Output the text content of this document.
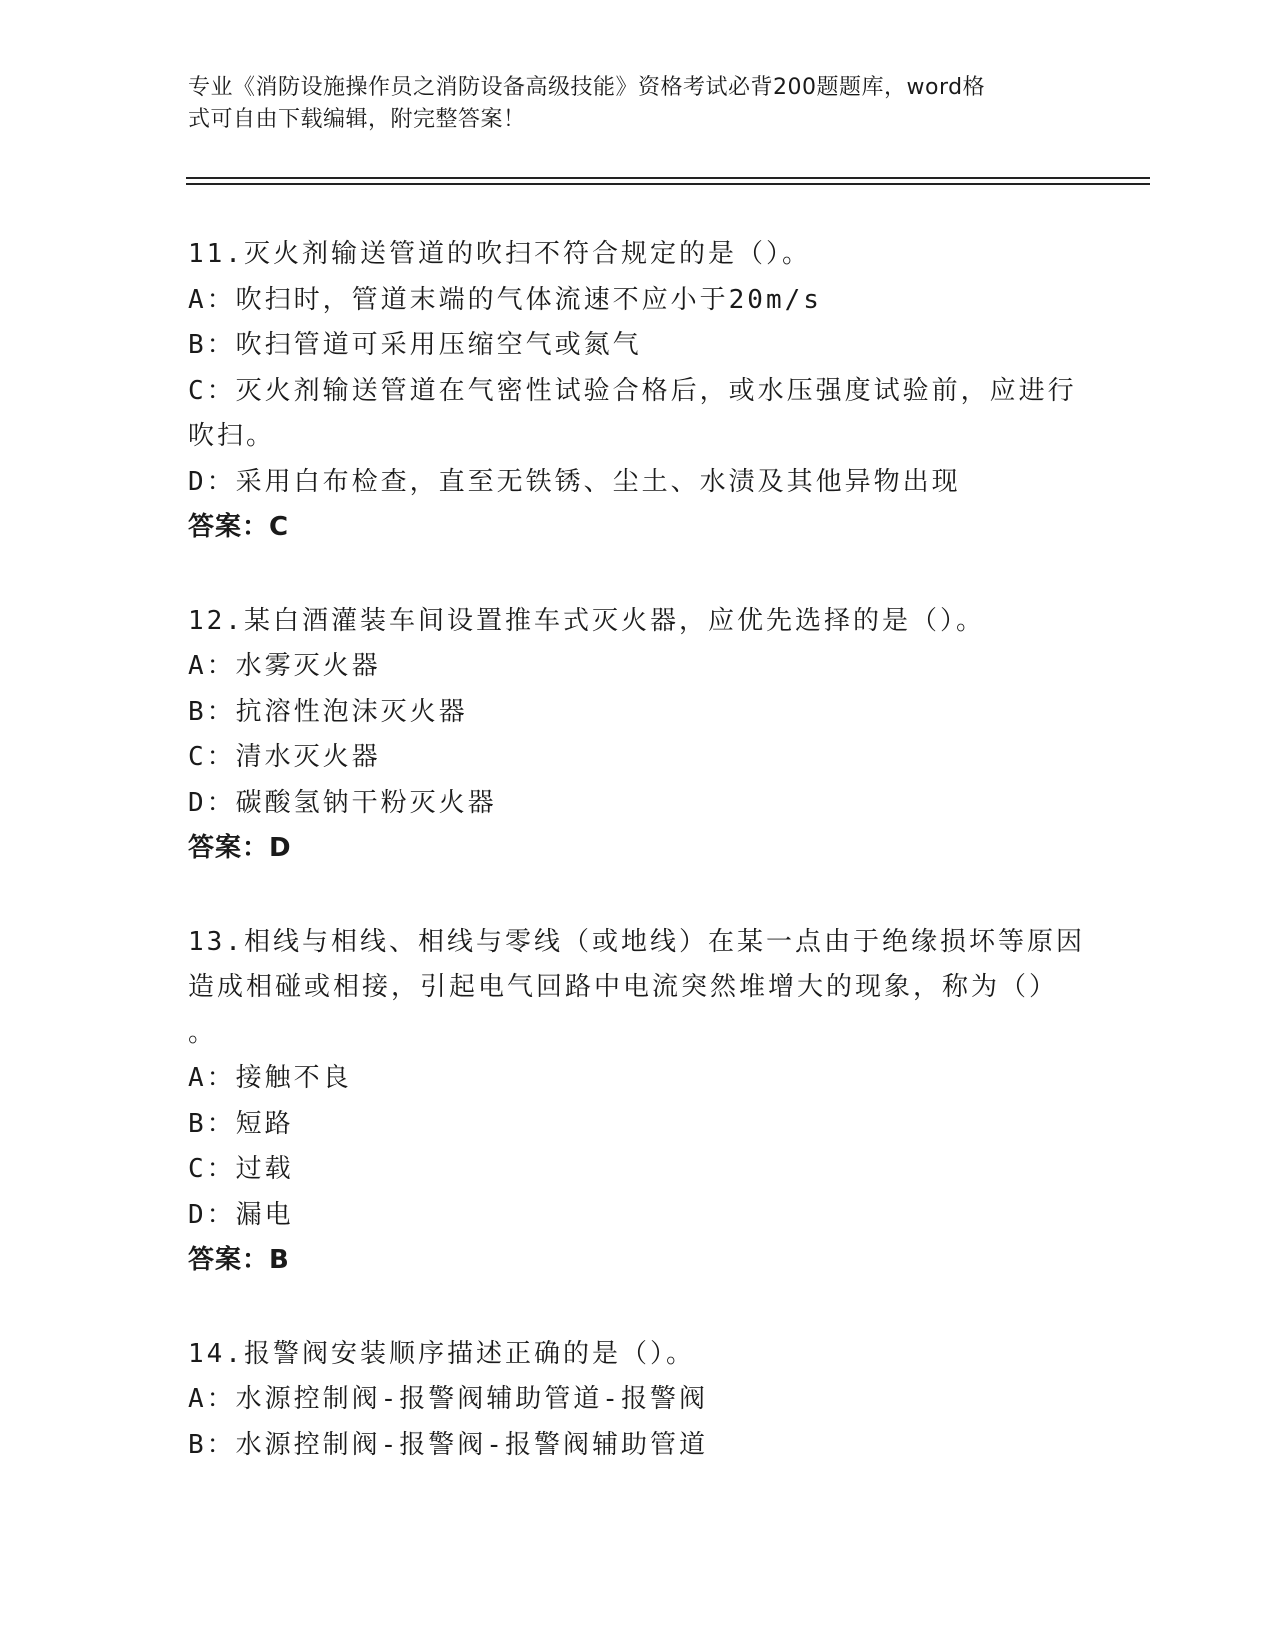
专业《消防设施操作员之消防设备高级技能》资格考试必背200题题库，word格
式可自由下载编辑，附完整答案！
11.灭火剂输送管道的吹扫不符合规定的是（）。
A：吹扫时，管道末端的气体流速不应小于20m/s
B：吹扫管道可采用压缩空气或氮气
C：灭火剂输送管道在气密性试验合格后，或水压强度试验前，应进行
吹扫。
D：采用白布检查，直至无铁锈、尘土、水渍及其他异物出现
答案：C
12.某白酒灌装车间设置推车式灭火器，应优先选择的是（）。
A：水雾灭火器
B：抗溶性泡沫灭火器
C：清水灭火器
D：碳酸氢钠干粉灭火器
答案：D
13.相线与相线、相线与零线（或地线）在某一点由于绝缘损坏等原因
造成相碰或相接，引起电气回路中电流突然堆增大的现象，称为（）
。
A：接触不良
B：短路
C：过载
D：漏电
答案：B
14.报警阀安装顺序描述正确的是（）。
A：水源控制阀-报警阀辅助管道-报警阀
B：水源控制阀-报警阀-报警阀辅助管道
